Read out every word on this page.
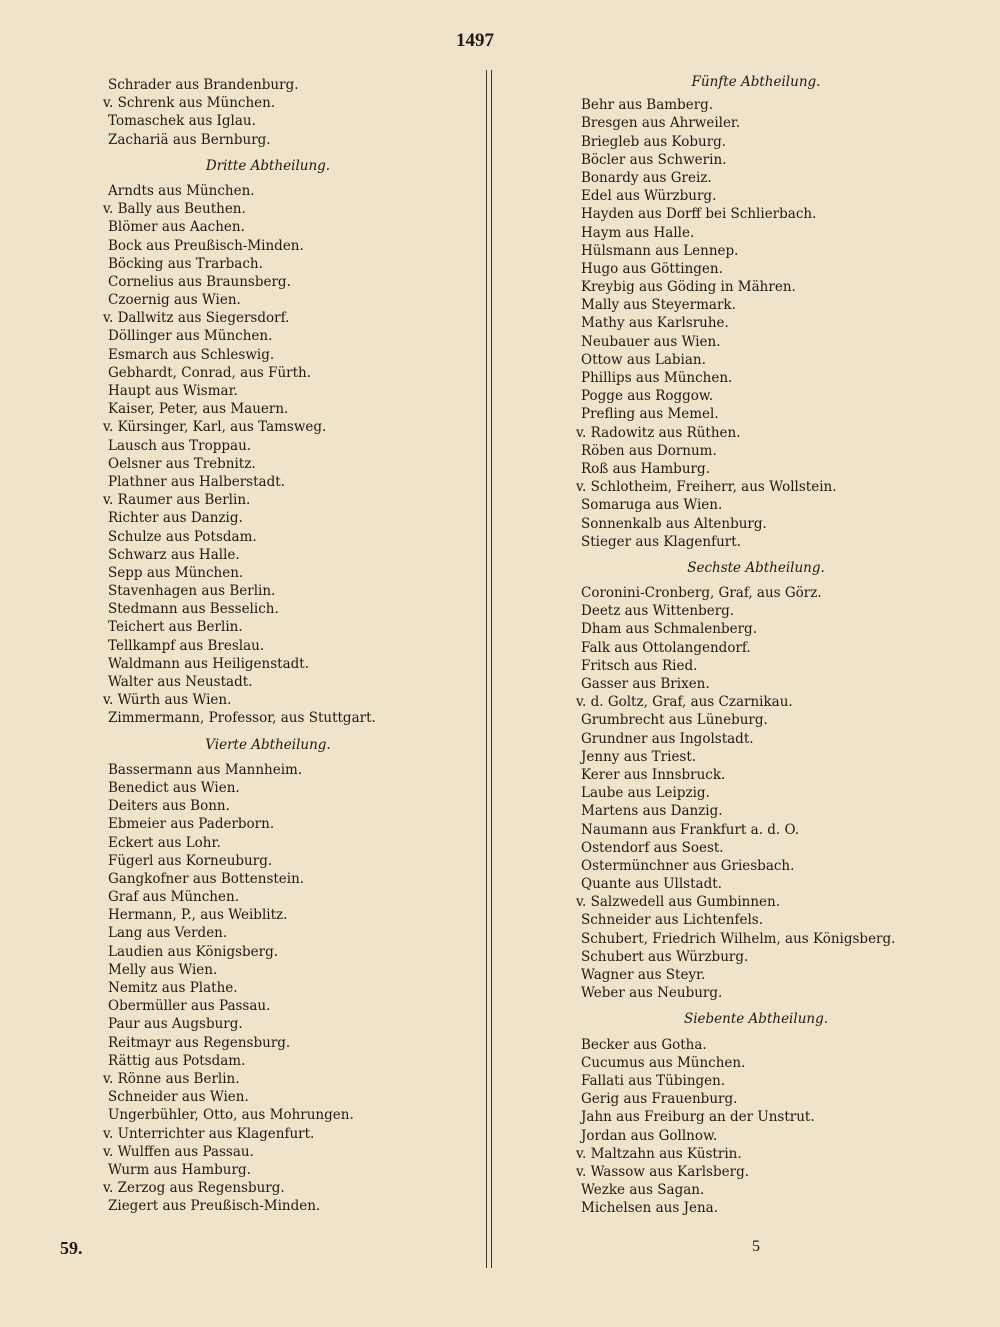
1497
Schrader aus Brandenburg.
v. Schrenk aus München.
Tomaschek aus Iglau.
Zachariä aus Bernburg.
Dritte Abtheilung.
Arndts aus München.
v. Bally aus Beuthen.
Blömer aus Aachen.
Bock aus Preußisch-Minden.
Böcking aus Trarbach.
Cornelius aus Braunsberg.
Czoernig aus Wien.
v. Dallwitz aus Siegersdorf.
Döllinger aus München.
Esmarch aus Schleswig.
Gebhardt, Conrad, aus Fürth.
Haupt aus Wismar.
Kaiser, Peter, aus Mauern.
v. Kürsinger, Karl, aus Tamsweg.
Lausch aus Troppau.
Oelsner aus Trebnitz.
Plathner aus Halberstadt.
v. Raumer aus Berlin.
Richter aus Danzig.
Schulze aus Potsdam.
Schwarz aus Halle.
Sepp aus München.
Stavenhagen aus Berlin.
Stedmann aus Besselich.
Teichert aus Berlin.
Tellkampf aus Breslau.
Waldmann aus Heiligenstadt.
Walter aus Neustadt.
v. Würth aus Wien.
Zimmermann, Professor, aus Stuttgart.
Vierte Abtheilung.
Bassermann aus Mannheim.
Benedict aus Wien.
Deiters aus Bonn.
Ebmeier aus Paderborn.
Eckert aus Lohr.
Fügerl aus Korneuburg.
Gangkofner aus Bottenstein.
Graf aus München.
Hermann, P., aus Weiblitz.
Lang aus Verden.
Laudien aus Königsberg.
Melly aus Wien.
Nemitz aus Plathe.
Obermüller aus Passau.
Paur aus Augsburg.
Reitmayr aus Regensburg.
Rättig aus Potsdam.
v. Rönne aus Berlin.
Schneider aus Wien.
Ungerbühler, Otto, aus Mohrungen.
v. Unterrichter aus Klagenfurt.
v. Wulffen aus Passau.
Wurm aus Hamburg.
v. Zerzog aus Regensburg.
Ziegert aus Preußisch-Minden.
Fünfte Abtheilung.
Behr aus Bamberg.
Bresgen aus Ahrweiler.
Briegleb aus Koburg.
Böcler aus Schwerin.
Bonardy aus Greiz.
Edel aus Würzburg.
Hayden aus Dorff bei Schlierbach.
Haym aus Halle.
Hülsmann aus Lennep.
Hugo aus Göttingen.
Kreybig aus Göding in Mähren.
Mally aus Steyermark.
Mathy aus Karlsruhe.
Neubauer aus Wien.
Ottow aus Labian.
Phillips aus München.
Pogge aus Roggow.
Prefling aus Memel.
v. Radowitz aus Rüthen.
Röben aus Dornum.
Roß aus Hamburg.
v. Schlotheim, Freiherr, aus Wollstein.
Somaruga aus Wien.
Sonnenkalb aus Altenburg.
Stieger aus Klagenfurt.
Sechste Abtheilung.
Coronini-Cronberg, Graf, aus Görz.
Deetz aus Wittenberg.
Dham aus Schmalenberg.
Falk aus Ottolangendorf.
Fritsch aus Ried.
Gasser aus Brixen.
v. d. Goltz, Graf, aus Czarnikau.
Grumbrecht aus Lüneburg.
Grundner aus Ingolstadt.
Jenny aus Triest.
Kerer aus Innsbruck.
Laube aus Leipzig.
Martens aus Danzig.
Naumann aus Frankfurt a. d. O.
Ostendorf aus Soest.
Ostermünchner aus Griesbach.
Quante aus Ullstadt.
v. Salzwedell aus Gumbinnen.
Schneider aus Lichtenfels.
Schubert, Friedrich Wilhelm, aus Königsberg.
Schubert aus Würzburg.
Wagner aus Steyr.
Weber aus Neuburg.
Siebente Abtheilung.
Becker aus Gotha.
Cucumus aus München.
Fallati aus Tübingen.
Gerig aus Frauenburg.
Jahn aus Freiburg an der Unstrut.
Jordan aus Gollnow.
v. Maltzahn aus Küstrin.
v. Wassow aus Karlsberg.
Wezke aus Sagan.
Michelsen aus Jena.
59.	5
